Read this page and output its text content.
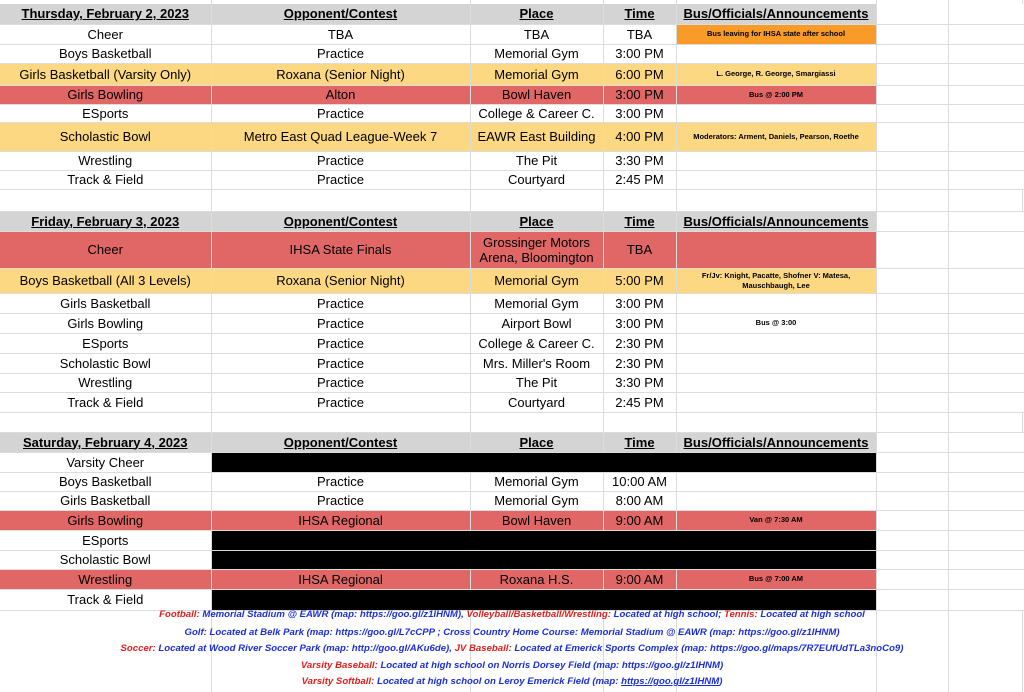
Thursday, February 2, 2023	Opponent/Contest	Place	Time	Bus/Officials/Announcements		
Cheer	TBA	TBA	TBA	Bus leaving for IHSA state after school		
Boys Basketball	Practice	Memorial Gym	3:00 PM			
Girls Basketball (Varsity Only)	Roxana (Senior Night)	Memorial Gym	6:00 PM	L. George, R. George, Smargiassi		
Girls Bowling	Alton	Bowl Haven	3:00 PM	Bus @ 2:00 PM		
ESports	Practice	College & Career C.	3:00 PM			
Scholastic Bowl	Metro East Quad League-Week 7	EAWR East Building	4:00 PM	Moderators: Arment, Daniels, Pearson, Roethe		
Wrestling	Practice	The Pit	3:30 PM			
Track & Field	Practice	Courtyard	2:45 PM			

Friday, February 3, 2023	Opponent/Contest	Place	Time	Bus/Officials/Announcements		
Cheer	IHSA State Finals	Grossinger Motors Arena, Bloomington	TBA			
Boys Basketball (All 3 Levels)	Roxana (Senior Night)	Memorial Gym	5:00 PM	Fr/Jv: Knight, Pacatte, Shofner V: Matesa, Mauschbaugh, Lee		
Girls Basketball	Practice	Memorial Gym	3:00 PM			
Girls Bowling	Practice	Airport Bowl	3:00 PM	Bus @ 3:00		
ESports	Practice	College & Career C.	2:30 PM			
Scholastic Bowl	Practice	Mrs. Miller's Room	2:30 PM			
Wrestling	Practice	The Pit	3:30 PM			
Track & Field	Practice	Courtyard	2:45 PM			

Saturday, February 4, 2023	Opponent/Contest	Place	Time	Bus/Officials/Announcements		
Varsity Cheer						
Boys Basketball	Practice	Memorial Gym	10:00 AM			
Girls Basketball	Practice	Memorial Gym	8:00 AM			
Girls Bowling	IHSA Regional	Bowl Haven	9:00 AM	Van @ 7:30 AM		
ESports						
Scholastic Bowl						
Wrestling	IHSA Regional	Roxana H.S.	9:00 AM	Bus @ 7:00 AM		
Track & Field						
Football: Memorial Stadium @ EAWR (map: https://goo.gl/z1IHNM), Volleyball/Basketball/Wrestling: Located at high school; Tennis: Located at high school
Golf: Located at Belk Park (map: https://goo.gl/L7cCPP ; Cross Country Home Course: Memorial Stadium @ EAWR (map: https://goo.gl/z1IHNM)
Soccer: Located at Wood River Soccer Park (map: http://goo.gl/AKu6de), JV Baseball: Located at Emerick Sports Complex (map: https://goo.gl/maps/7R7EUfUdTLa3noCo9)
Varsity Baseball: Located at high school on Norris Dorsey Field (map: https://goo.gl/z1IHNM)
Varsity Softball: Located at high school on Leroy Emerick Field (map: https://goo.gl/z1IHNM)
